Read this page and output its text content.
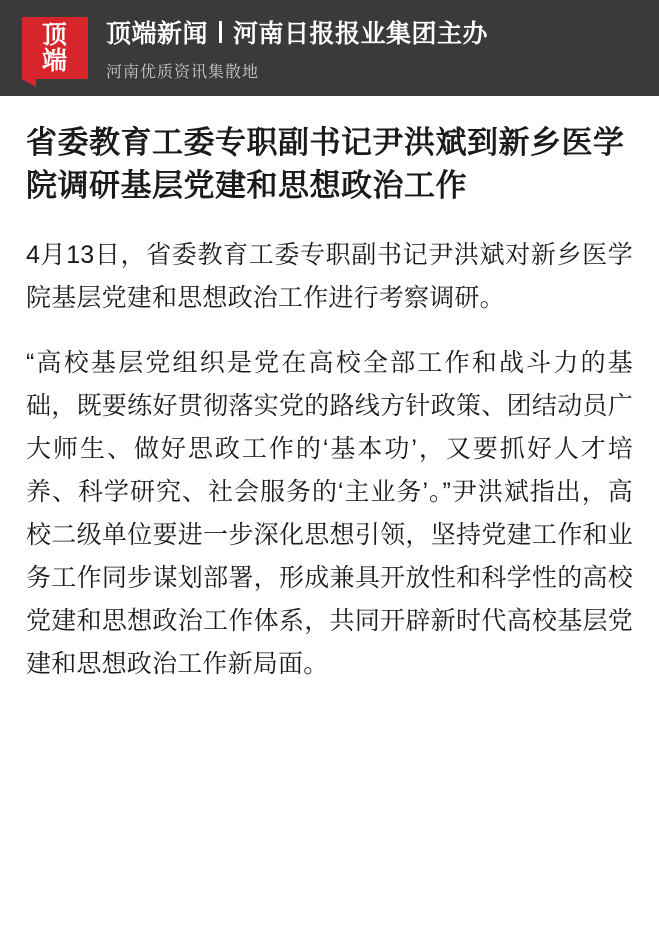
顶
端
顶端新闻 河南日报报业集团主办
河南优质资讯集散地
省委教育工委专职副书记尹洪斌到新乡医学院调研基层党建和思想政治工作

4月13日，省委教育工委专职副书记尹洪斌对新乡医学院基层党建和思想政治工作进行考察调研。

“高校基层党组织是党在高校全部工作和战斗力的基础，既要练好贯彻落实党的路线方针政策、团结动员广大师生、做好思政工作的‘基本功’，又要抓好人才培养、科学研究、社会服务的‘主业务’。”尹洪斌指出，高校二级单位要进一步深化思想引领，坚持党建工作和业务工作同步谋划部署，形成兼具开放性和科学性的高校党建和思想政治工作体系，共同开辟新时代高校基层党建和思想政治工作新局面。
